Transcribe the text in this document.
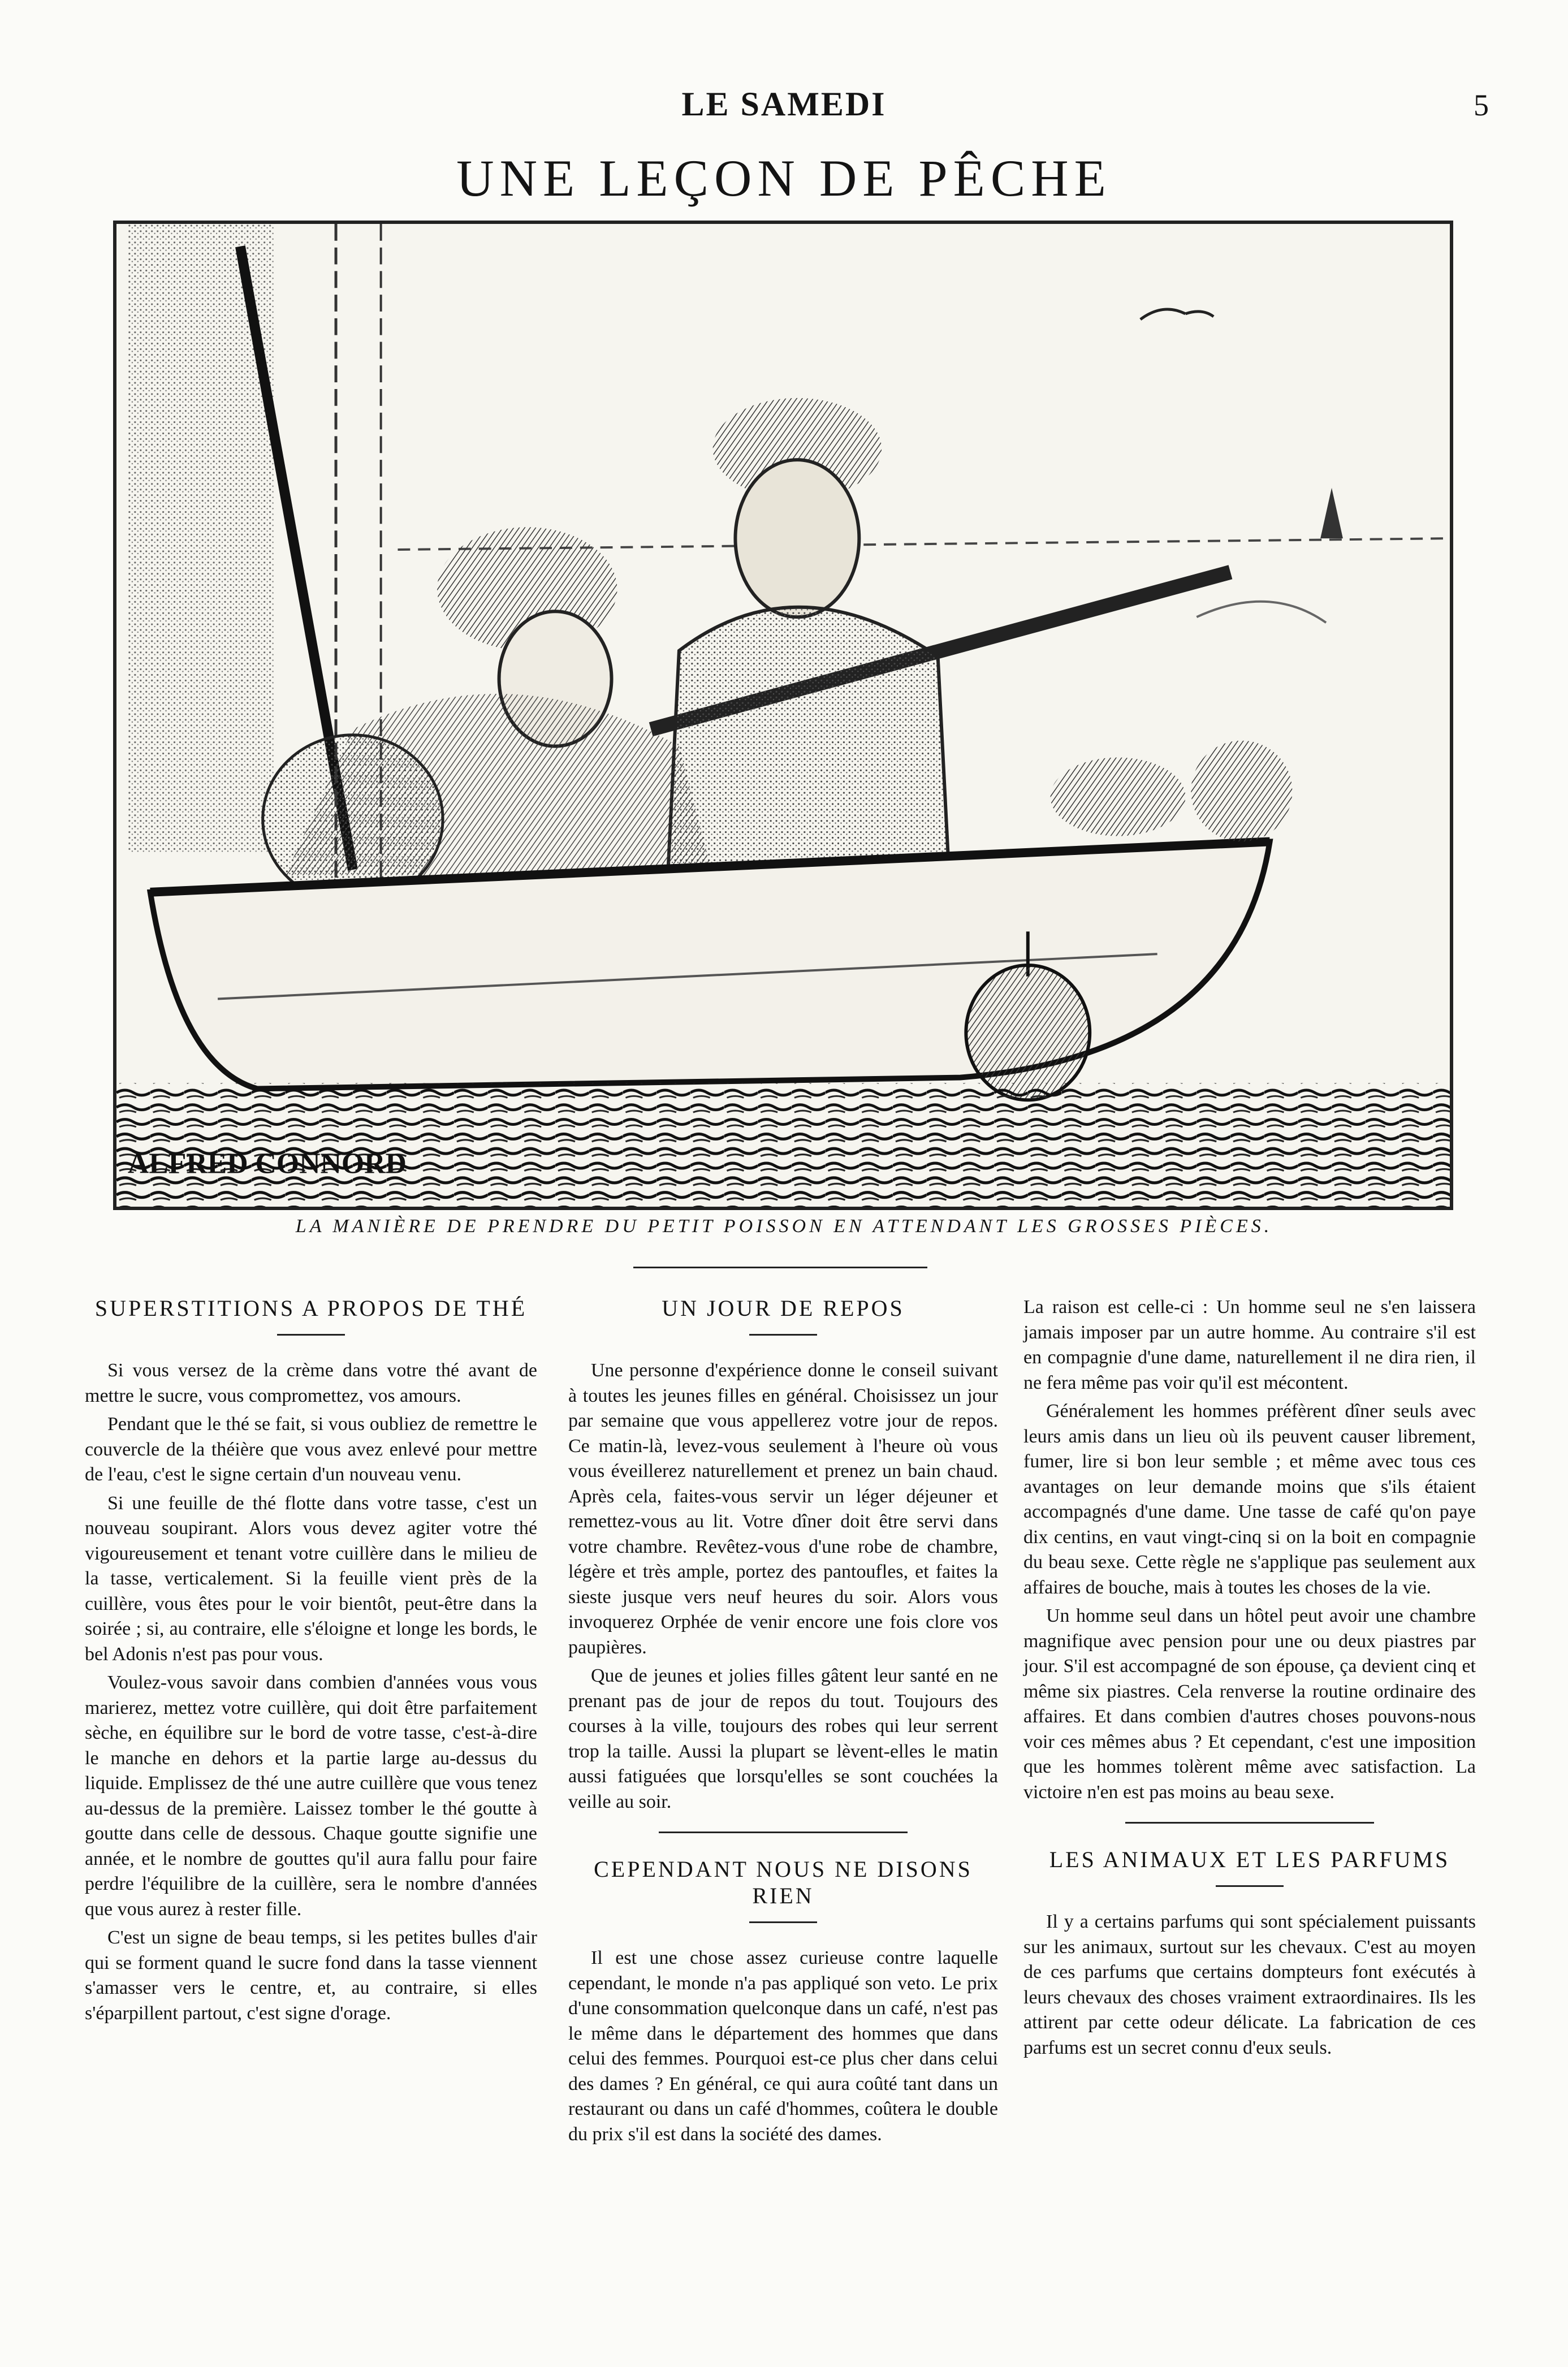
LE SAMEDI	5
UNE LEÇON DE PÊCHE
ALFRED CONNORD
LA MANIÈRE DE PRENDRE DU PETIT POISSON EN ATTENDANT LES GROSSES PIÈCES.
SUPERSTITIONS A PROPOS DE THÉ

Si vous versez de la crème dans votre thé avant de mettre le sucre, vous compromettez, vos amours.

Pendant que le thé se fait, si vous oubliez de remettre le couvercle de la théière que vous avez enlevé pour mettre de l'eau, c'est le signe certain d'un nouveau venu.

Si une feuille de thé flotte dans votre tasse, c'est un nouveau soupirant. Alors vous devez agiter votre thé vigoureusement et tenant votre cuillère dans le milieu de la tasse, verticalement. Si la feuille vient près de la cuillère, vous êtes pour le voir bientôt, peut-être dans la soirée ; si, au contraire, elle s'éloigne et longe les bords, le bel Adonis n'est pas pour vous.

Voulez-vous savoir dans combien d'années vous vous marierez, mettez votre cuillère, qui doit être parfaitement sèche, en équilibre sur le bord de votre tasse, c'est-à-dire le manche en dehors et la partie large au-dessus du liquide. Emplissez de thé une autre cuillère que vous tenez au-dessus de la première. Laissez tomber le thé goutte à goutte dans celle de dessous. Chaque goutte signifie une année, et le nombre de gouttes qu'il aura fallu pour faire perdre l'équilibre de la cuillère, sera le nombre d'années que vous aurez à rester fille.

C'est un signe de beau temps, si les petites bulles d'air qui se forment quand le sucre fond dans la tasse viennent s'amasser vers le centre, et, au contraire, si elles s'éparpillent partout, c'est signe d'orage.

UN JOUR DE REPOS

Une personne d'expérience donne le conseil suivant à toutes les jeunes filles en général. Choisissez un jour par semaine que vous appellerez votre jour de repos. Ce matin-là, levez-vous seulement à l'heure où vous vous éveillerez naturellement et prenez un bain chaud. Après cela, faites-vous servir un léger déjeuner et remettez-vous au lit. Votre dîner doit être servi dans votre chambre. Revêtez-vous d'une robe de chambre, légère et très ample, portez des pantoufles, et faites la sieste jusque vers neuf heures du soir. Alors vous invoquerez Orphée de venir encore une fois clore vos paupières.

Que de jeunes et jolies filles gâtent leur santé en ne prenant pas de jour de repos du tout. Toujours des courses à la ville, toujours des robes qui leur serrent trop la taille. Aussi la plupart se lèvent-elles le matin aussi fatiguées que lorsqu'elles se sont couchées la veille au soir.

CEPENDANT NOUS NE DISONS RIEN

Il est une chose assez curieuse contre laquelle cependant, le monde n'a pas appliqué son veto. Le prix d'une consommation quelconque dans un café, n'est pas le même dans le département des hommes que dans celui des femmes. Pourquoi est-ce plus cher dans celui des dames ? En général, ce qui aura coûté tant dans un restaurant ou dans un café d'hommes, coûtera le double du prix s'il est dans la société des dames.

La raison est celle-ci : Un homme seul ne s'en laissera jamais imposer par un autre homme. Au contraire s'il est en compagnie d'une dame, naturellement il ne dira rien, il ne fera même pas voir qu'il est mécontent.

Généralement les hommes préfèrent dîner seuls avec leurs amis dans un lieu où ils peuvent causer librement, fumer, lire si bon leur semble ; et même avec tous ces avantages on leur demande moins que s'ils étaient accompagnés d'une dame. Une tasse de café qu'on paye dix centins, en vaut vingt-cinq si on la boit en compagnie du beau sexe. Cette règle ne s'applique pas seulement aux affaires de bouche, mais à toutes les choses de la vie.

Un homme seul dans un hôtel peut avoir une chambre magnifique avec pension pour une ou deux piastres par jour. S'il est accompagné de son épouse, ça devient cinq et même six piastres. Cela renverse la routine ordinaire des affaires. Et dans combien d'autres choses pouvons-nous voir ces mêmes abus ? Et cependant, c'est une imposition que les hommes tolèrent même avec satisfaction. La victoire n'en est pas moins au beau sexe.

LES ANIMAUX ET LES PARFUMS

Il y a certains parfums qui sont spécialement puissants sur les animaux, surtout sur les chevaux. C'est au moyen de ces parfums que certains dompteurs font exécutés à leurs chevaux des choses vraiment extraordinaires. Ils les attirent par cette odeur délicate. La fabrication de ces parfums est un secret connu d'eux seuls.
